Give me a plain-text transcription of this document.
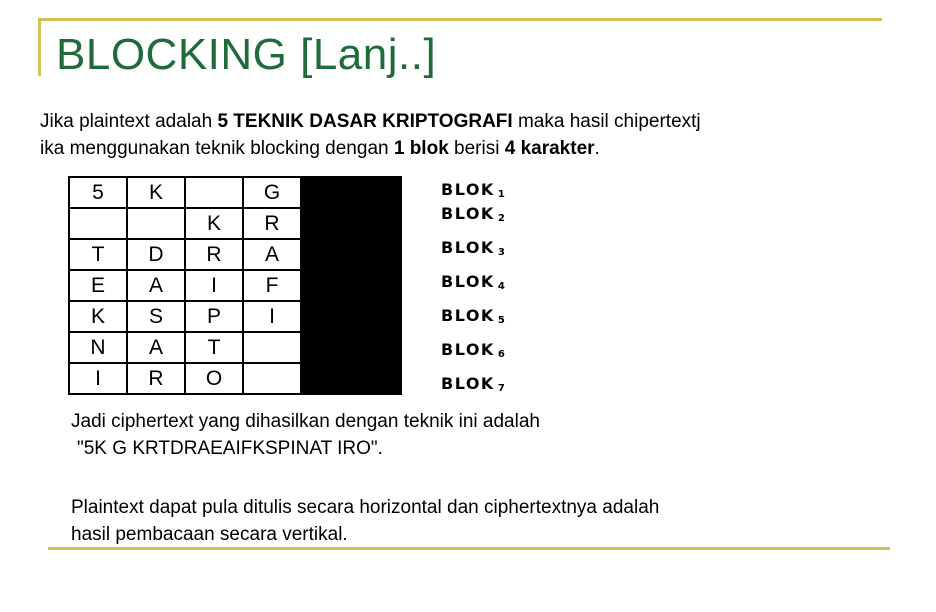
BLOCKING [Lanj..]
Jika plaintext adalah 5 TEKNIK DASAR KRIPTOGRAFI maka hasil chipertextj
ika menggunakan teknik blocking dengan 1 blok berisi 4 karakter.
5	K		G	
		K	R	
T	D	R	A	
E	A	I	F	
K	S	P	I	
N	A	T		
I	R	O		
BLOK $_1$
BLOK $_2$
BLOK $_3$
BLOK $_4$
BLOK $_5$
BLOK $_6$
BLOK $_7$
Jadi ciphertext yang dihasilkan dengan teknik ini adalah
"5K G KRTDRAEAIFKSPINAT IRO".
Plaintext dapat pula ditulis secara horizontal dan ciphertextnya adalah
hasil pembacaan secara vertikal.
